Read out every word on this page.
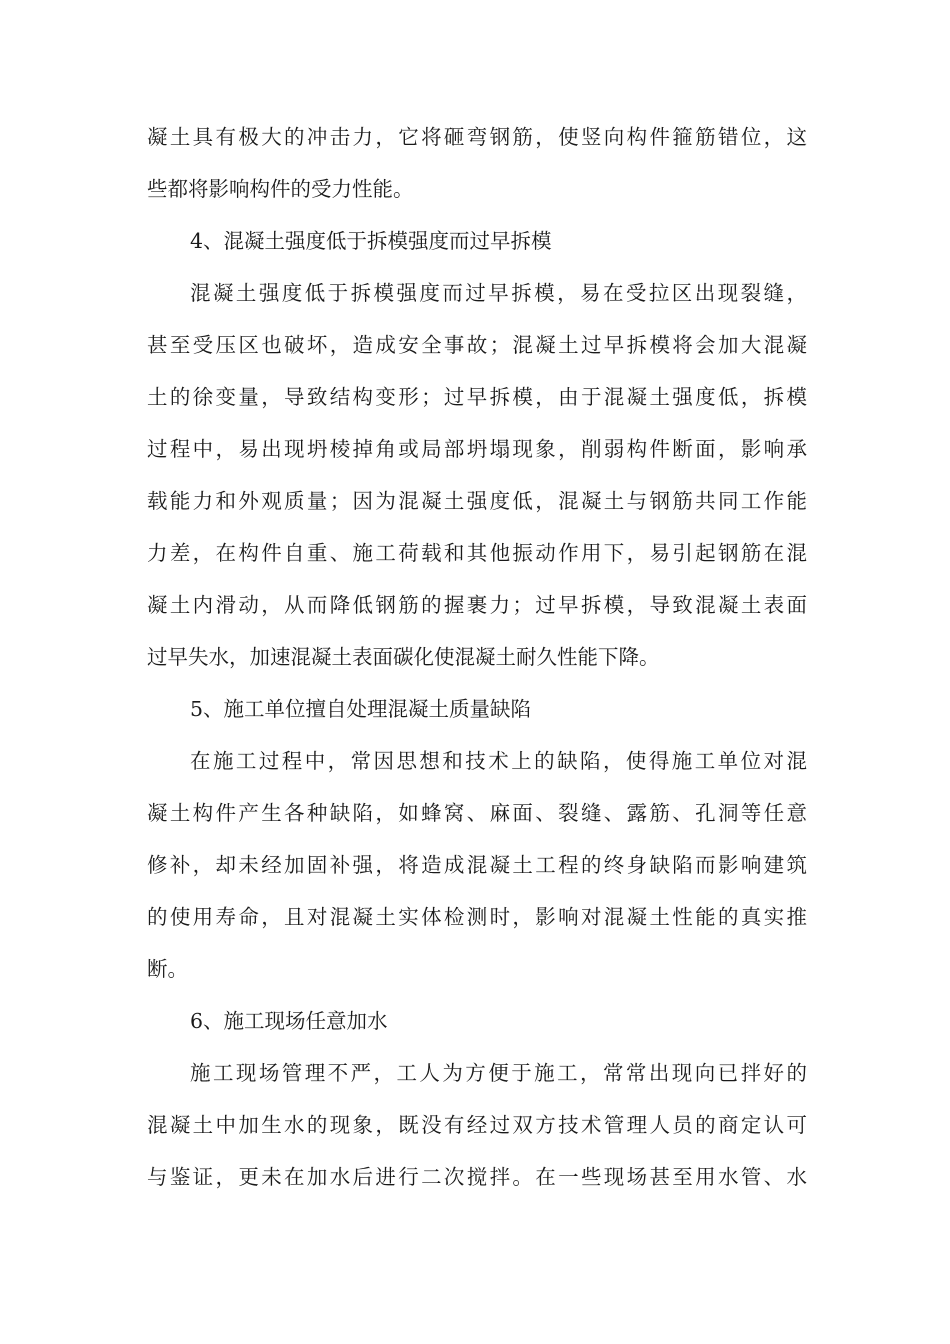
凝土具有极大的冲击力，它将砸弯钢筋，使竖向构件箍筋错位，这
些都将影响构件的受力性能。
4、混凝土强度低于拆模强度而过早拆模
混凝土强度低于拆模强度而过早拆模，易在受拉区出现裂缝，
甚至受压区也破坏，造成安全事故；混凝土过早拆模将会加大混凝
土的徐变量，导致结构变形；过早拆模，由于混凝土强度低，拆模
过程中，易出现坍棱掉角或局部坍塌现象，削弱构件断面，影响承
载能力和外观质量；因为混凝土强度低，混凝土与钢筋共同工作能
力差，在构件自重、施工荷载和其他振动作用下，易引起钢筋在混
凝土内滑动，从而降低钢筋的握裹力；过早拆模，导致混凝土表面
过早失水，加速混凝土表面碳化使混凝土耐久性能下降。
5、施工单位擅自处理混凝土质量缺陷
在施工过程中，常因思想和技术上的缺陷，使得施工单位对混
凝土构件产生各种缺陷，如蜂窝、麻面、裂缝、露筋、孔洞等任意
修补，却未经加固补强，将造成混凝土工程的终身缺陷而影响建筑
的使用寿命，且对混凝土实体检测时，影响对混凝土性能的真实推
断。
6、施工现场任意加水
施工现场管理不严，工人为方便于施工，常常出现向已拌好的
混凝土中加生水的现象，既没有经过双方技术管理人员的商定认可
与鉴证，更未在加水后进行二次搅拌。在一些现场甚至用水管、水
